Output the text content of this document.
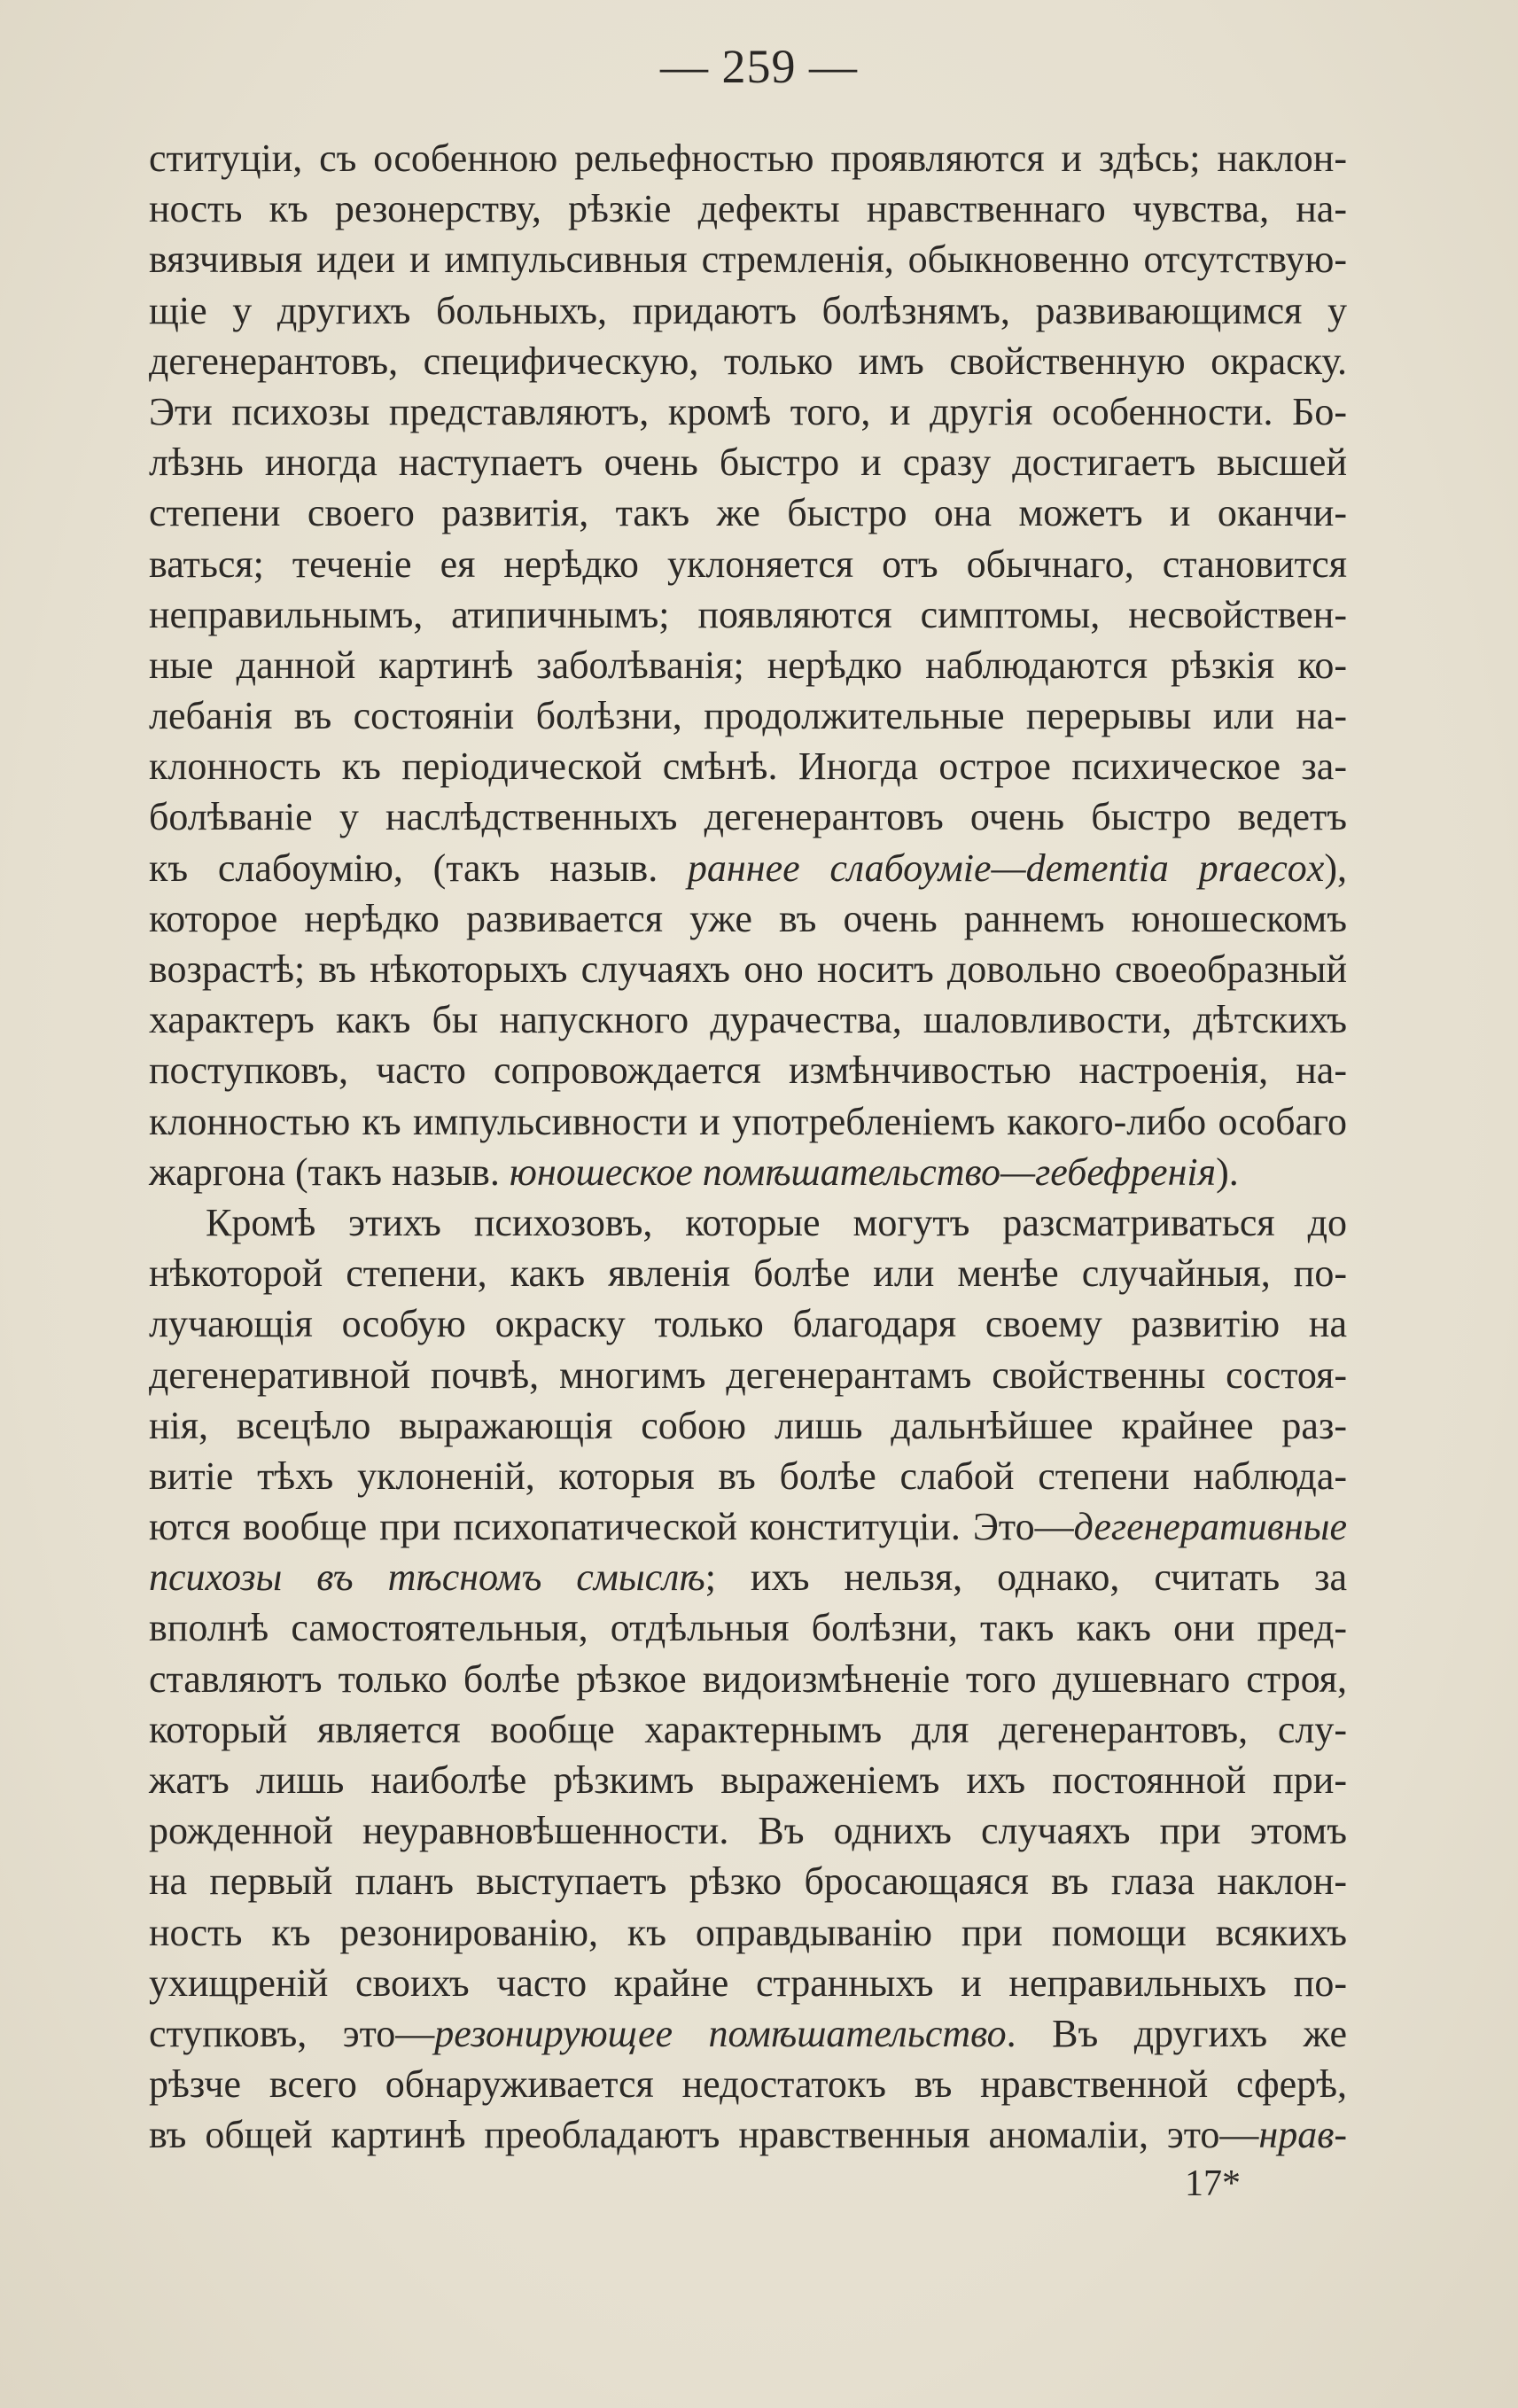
— 259 —
ституціи, съ особенною рельефностью проявляются и здѣсь; наклон-
ность къ резонерству, рѣзкіе дефекты нравственнаго чувства, на-
вязчивыя идеи и импульсивныя стремленія, обыкновенно отсутствую-
щіе у другихъ больныхъ, придаютъ болѣзнямъ, развивающимся у
дегенерантовъ, специфическую, только имъ свойственную окраску.
Эти психозы представляютъ, кромѣ того, и другія особенности. Бо-
лѣзнь иногда наступаетъ очень быстро и сразу достигаетъ высшей
степени своего развитія, такъ же быстро она можетъ и оканчи-
ваться; теченіе ея нерѣдко уклоняется отъ обычнаго, становится
неправильнымъ, атипичнымъ; появляются симптомы, несвойствен-
ные данной картинѣ заболѣванія; нерѣдко наблюдаются рѣзкія ко-
лебанія въ состояніи болѣзни, продолжительные перерывы или на-
клонность къ періодической смѣнѣ. Иногда острое психическое за-
болѣваніе у наслѣдственныхъ дегенерантовъ очень быстро ведетъ
къ слабоумію, (такъ назыв. раннее слабоуміе—dementia praecox),
которое нерѣдко развивается уже въ очень раннемъ юношескомъ
возрастѣ; въ нѣкоторыхъ случаяхъ оно носитъ довольно своеобразный
характеръ какъ бы напускного дурачества, шаловливости, дѣтскихъ
поступковъ, часто сопровождается измѣнчивостью настроенія, на-
клонностью къ импульсивности и употребленіемъ какого-либо особаго
жаргона (такъ назыв. юношеское помѣшательство—гебефренія).
Кромѣ этихъ психозовъ, которые могутъ разсматриваться до
нѣкоторой степени, какъ явленія болѣе или менѣе случайныя, по-
лучающія особую окраску только благодаря своему развитію на
дегенеративной почвѣ, многимъ дегенерантамъ свойственны состоя-
нія, всецѣло выражающія собою лишь дальнѣйшее крайнее раз-
витіе тѣхъ уклоненій, которыя въ болѣе слабой степени наблюда-
ются вообще при психопатической конституціи. Это—дегенеративные
психозы въ тѣсномъ смыслѣ; ихъ нельзя, однако, считать за
вполнѣ самостоятельныя, отдѣльныя болѣзни, такъ какъ они пред-
ставляютъ только болѣе рѣзкое видоизмѣненіе того душевнаго строя,
который является вообще характернымъ для дегенерантовъ, слу-
жатъ лишь наиболѣе рѣзкимъ выраженіемъ ихъ постоянной при-
рожденной неуравновѣшенности. Въ однихъ случаяхъ при этомъ
на первый планъ выступаетъ рѣзко бросающаяся въ глаза наклон-
ность къ резонированію, къ оправдыванію при помощи всякихъ
ухищреній своихъ часто крайне странныхъ и неправильныхъ по-
ступковъ, это—резонирующее помѣшательство. Въ другихъ же
рѣзче всего обнаруживается недостатокъ въ нравственной сферѣ,
въ общей картинѣ преобладаютъ нравственныя аномаліи, это—нрав-
17*
